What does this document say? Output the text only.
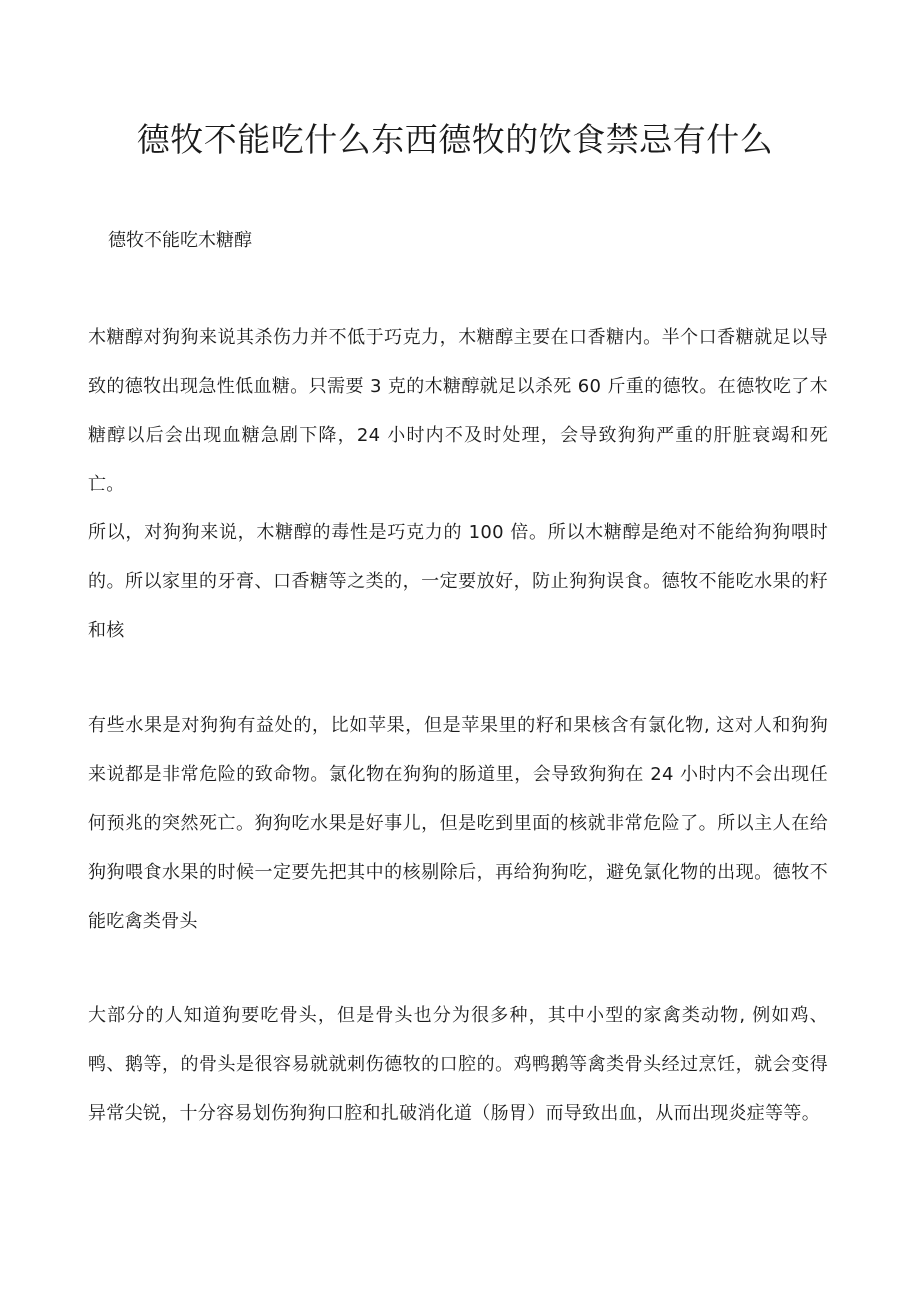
德牧不能吃什么东西德牧的饮食禁忌有什么

德牧不能吃木糖醇

木糖醇对狗狗来说其杀伤力并不低于巧克力，木糖醇主要在口香糖内。半个口香糖就足以导致的德牧出现急性低血糖。只需要 3 克的木糖醇就足以杀死 60 斤重的德牧。在德牧吃了木糖醇以后会出现血糖急剧下降，24 小时内不及时处理，会导致狗狗严重的肝脏衰竭和死亡。

所以，对狗狗来说，木糖醇的毒性是巧克力的 100 倍。所以木糖醇是绝对不能给狗狗喂时的。所以家里的牙膏、口香糖等之类的，一定要放好，防止狗狗误食。德牧不能吃水果的籽和核

有些水果是对狗狗有益处的，比如苹果，但是苹果里的籽和果核含有氯化物, 这对人和狗狗来说都是非常危险的致命物。氯化物在狗狗的肠道里，会导致狗狗在 24 小时内不会出现任何预兆的突然死亡。狗狗吃水果是好事儿，但是吃到里面的核就非常危险了。所以主人在给狗狗喂食水果的时候一定要先把其中的核剔除后，再给狗狗吃，避免氯化物的出现。德牧不能吃禽类骨头

大部分的人知道狗要吃骨头，但是骨头也分为很多种，其中小型的家禽类动物, 例如鸡、鸭、鹅等，的骨头是很容易就就刺伤德牧的口腔的。鸡鸭鹅等禽类骨头经过烹饪，就会变得异常尖锐，十分容易划伤狗狗口腔和扎破消化道（肠胃）而导致出血，从而出现炎症等等。
